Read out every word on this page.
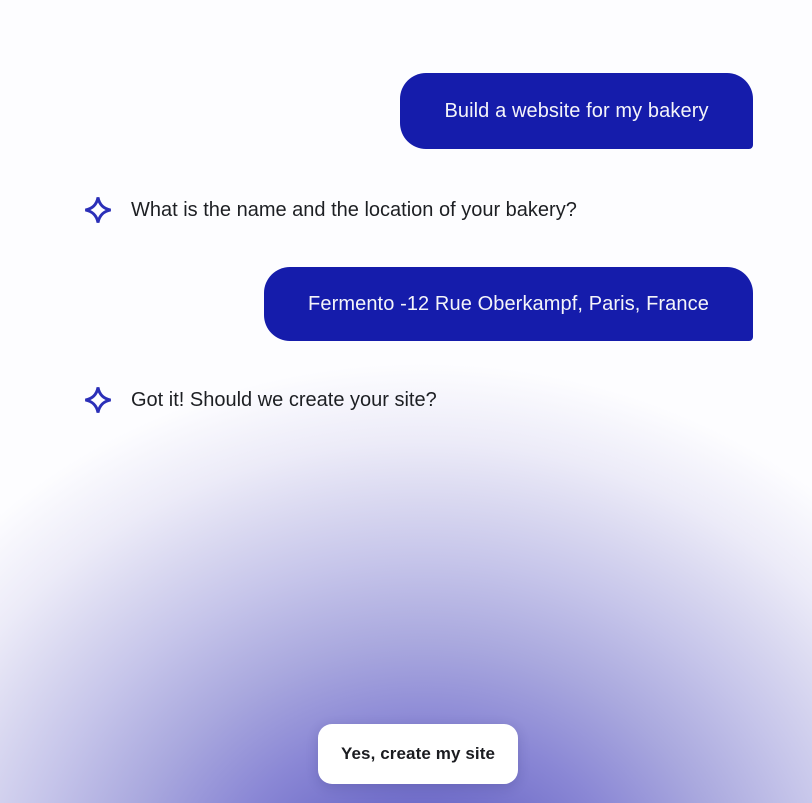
Build a website for my bakery
What is the name and the location of your bakery?
Fermento -12 Rue Oberkampf, Paris, France
Got it! Should we create your site?
Yes, create my site
